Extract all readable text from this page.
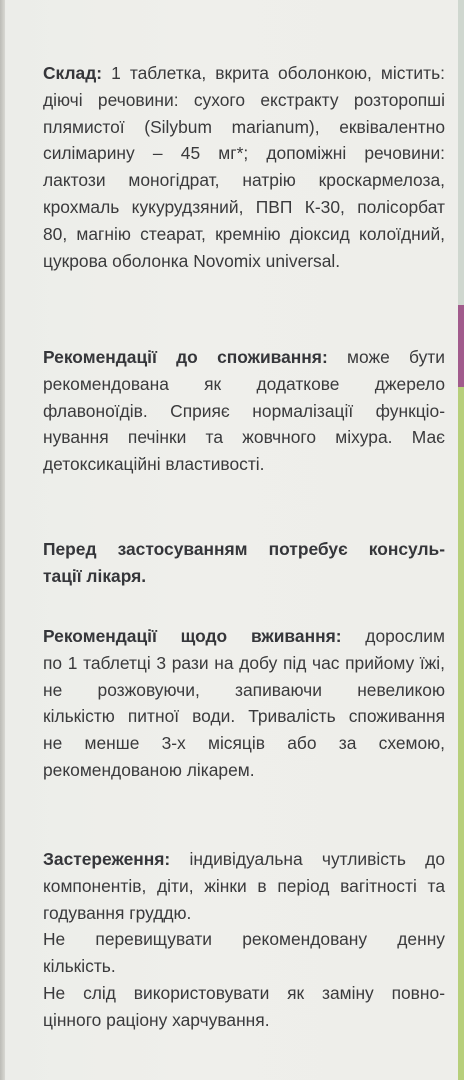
Склад: 1 таблетка, вкрита оболонкою, містить:
діючі речовини: сухого екстракту розторопші
плямистої (Silybum marianum), еквівалентно
силімарину – 45 мг*; допоміжні речовини:
лактози моногідрат, натрію кроскармелоза,
крохмаль кукурудзяний, ПВП К-30, полісорбат
80, магнію стеарат, кремнію діоксид колоїдний,
цукрова оболонка Novomix universal.
Рекомендації до споживання: може бути
рекомендована як додаткове джерело
флавоноїдів. Сприяє нормалізації функціо-
нування печінки та жовчного міхура. Має
детоксикаційні властивості.
Перед застосуванням потребує консуль-
тації лікаря.
Рекомендації щодо вживання: дорослим
по 1 таблетці 3 рази на добу під час прийому їжі,
не розжовуючи, запиваючи невеликою
кількістю питної води. Тривалість споживання
не менше 3-х місяців або за схемою,
рекомендованою лікарем.
Застереження: індивідуальна чутливість до
компонентів, діти, жінки в період вагітності та
годування груддю.
Не перевищувати рекомендовану денну
кількість.
Не слід використовувати як заміну повно-
цінного раціону харчування.
